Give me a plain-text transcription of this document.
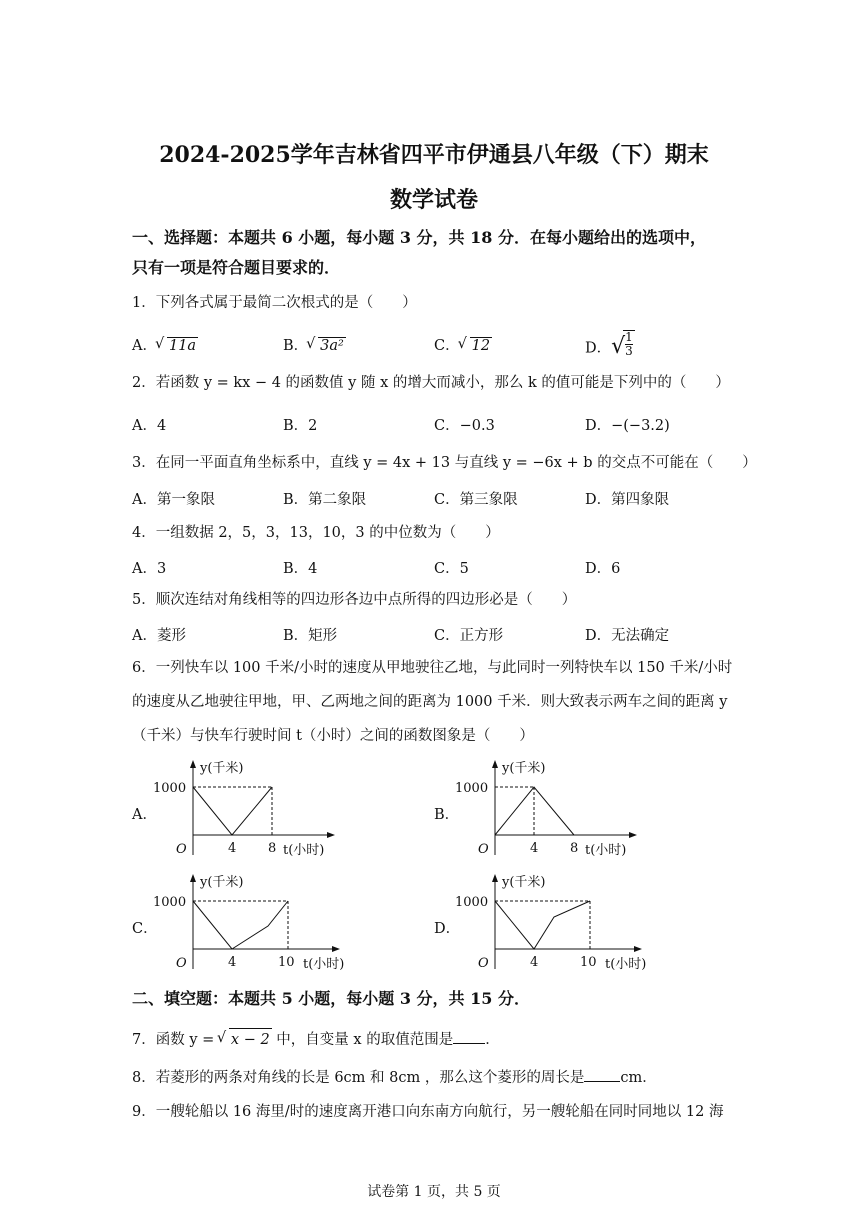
2024-2025学年吉林省四平市伊通县八年级（下）期末
数学试卷
一、选择题：本题共 6 小题，每小题 3 分，共 18 分．在每小题给出的选项中，
只有一项是符合题目要求的．
1．下列各式属于最简二次根式的是（　　）
A． √ 11a	B． √ 3a²	C． √ 12	D． √
$\frac{1}{3}$
2．若函数 y = kx − 4 的函数值 y 随 x 的增大而减小，那么 k 的值可能是下列中的（　　）
A．4	B．2	C．−0.3	D．−(−3.2)
3．在同一平面直角坐标系中，直线 y = 4x + 13 与直线 y = −6x + b 的交点不可能在（　　）
A．第一象限	B．第二象限	C．第三象限	D．第四象限
4．一组数据 2，5，3，13，10，3 的中位数为（　　）
A．3	B．4	C．5	D．6
5．顺次连结对角线相等的四边形各边中点所得的四边形必是（　　）
A．菱形	B．矩形	C．正方形	D．无法确定
6．一列快车以 100 千米/小时的速度从甲地驶往乙地，与此同时一列特快车以 150 千米/小时
的速度从乙地驶往甲地，甲、乙两地之间的距离为 1000 千米．则大致表示两车之间的距离 y
（千米）与快车行驶时间 t（小时）之间的函数图象是（　　）
A．
y(千米)
1000
O	4 8 t(小时)
B．
y(千米)
1000
O	4 8 t(小时)
C．
y(千米)
1000
O	4	10 t(小时)
D．
y(千米)
1000
O	4	10 t(小时)
二、填空题：本题共 5 小题，每小题 3 分，共 15 分．
7．函数 y = √ x − 2 中，自变量 x 的取值范围是 ．
8．若菱形的两条对角线的长是 6cm 和 8cm ，那么这个菱形的周长是 cm．
9．一艘轮船以 16 海里/时的速度离开港口向东南方向航行，另一艘轮船在同时同地以 12 海
试卷第 1 页，共 5 页
